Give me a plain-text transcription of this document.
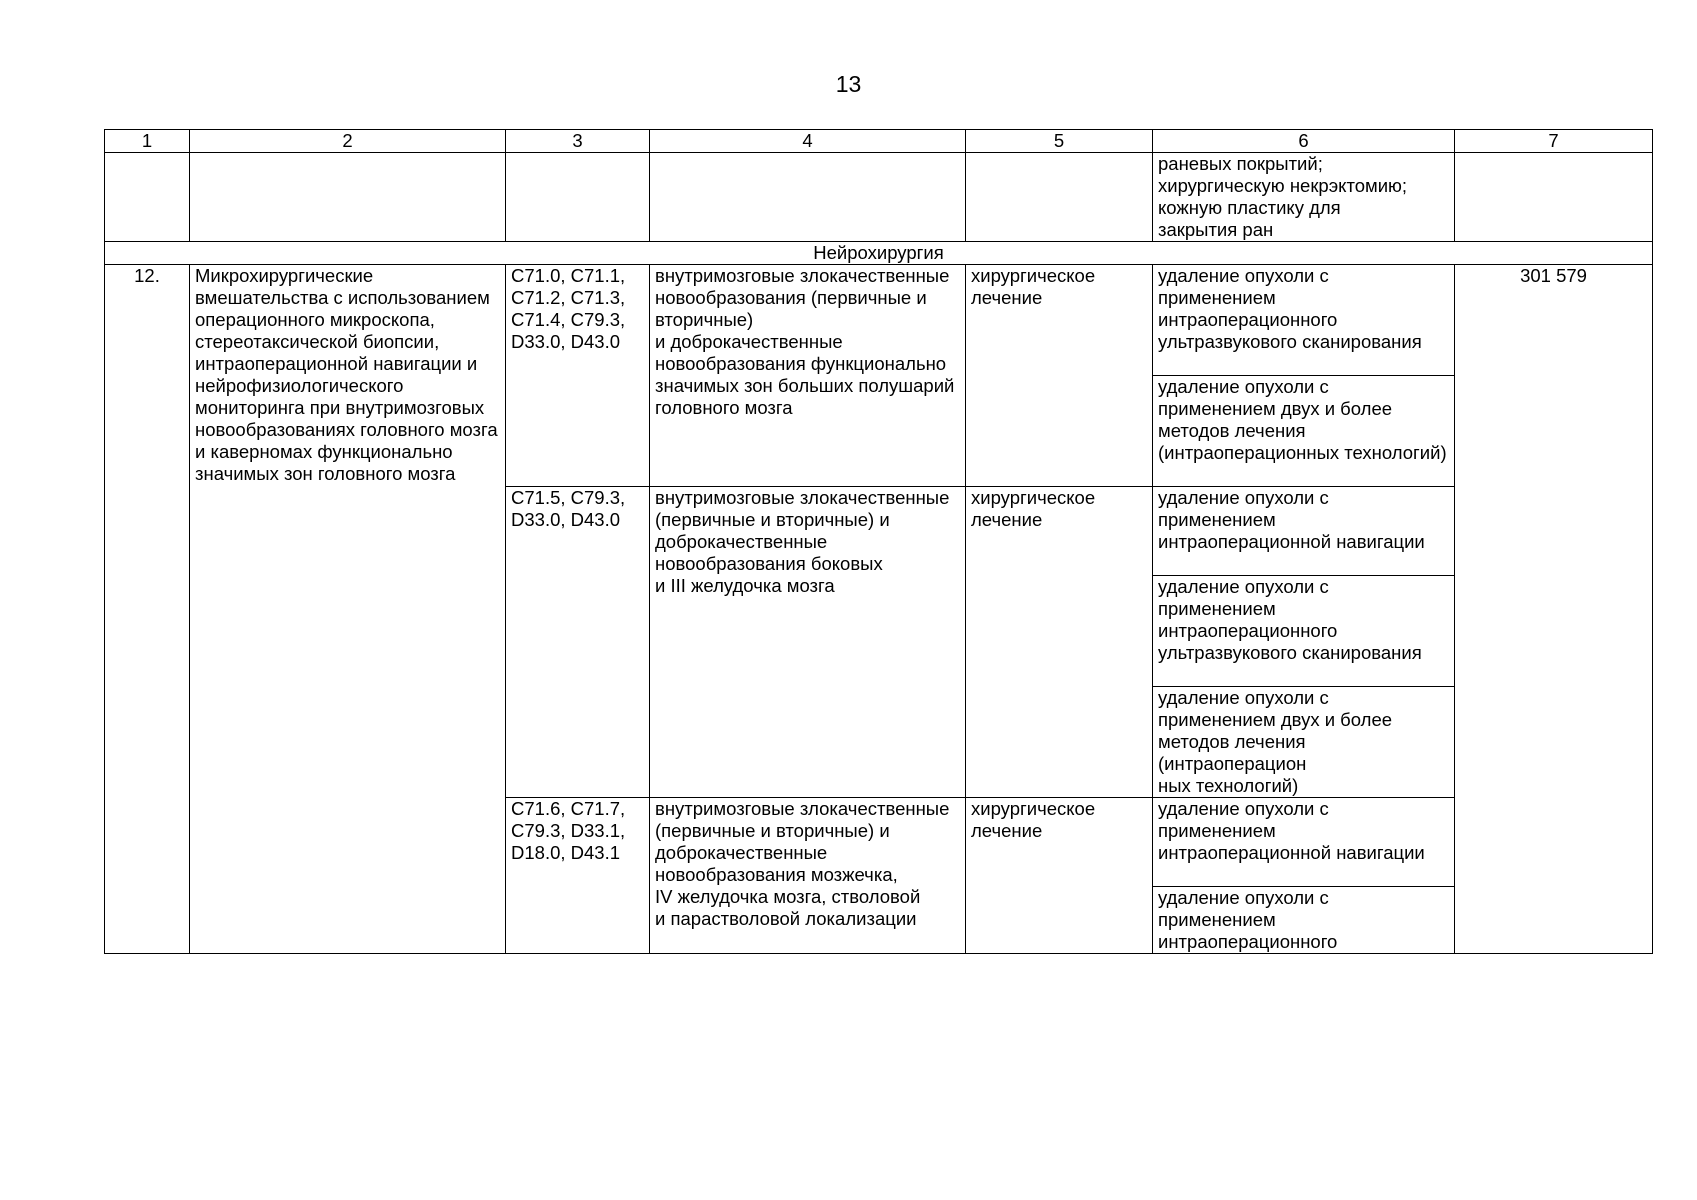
13
1	2	3	4	5	6	7
					раневых покрытий;
хирургическую некрэктомию;
кожную пластику для
закрытия ран	
Нейрохирургия						
12.	Микрохирургические вмешательства с использованием операционного микроскопа, стереотаксической биопсии, интраоперационной навигации и нейрофизиологического мониторинга при внутримозговых новообразованиях головного мозга и каверномах функционально значимых зон головного мозга	C71.0, C71.1, C71.2, C71.3, C71.4, C79.3, D33.0, D43.0	внутримозговые злокачественные новообразования (первичные и вторичные)
и доброкачественные новообразования функционально значимых зон больших полушарий головного мозга	хирургическое лечение	удаление опухоли с применением интраоперационного ультразвукового сканирования	301 579
					удаление опухоли с применением двух и более методов лечения (интраоперационных технологий)	
		C71.5, C79.3, D33.0, D43.0	внутримозговые злокачественные (первичные и вторичные) и доброкачественные новообразования боковых
и III желудочка мозга	хирургическое лечение	удаление опухоли с применением интраоперационной навигации	
					удаление опухоли с применением интраоперационного ультразвукового сканирования	
					удаление опухоли с применением двух и более методов лечения (интраоперацион
ных технологий)	
		C71.6, C71.7, C79.3, D33.1, D18.0, D43.1	внутримозговые злокачественные (первичные и вторичные) и доброкачественные новообразования мозжечка,
IV желудочка мозга, стволовой
и парастволовой локализации	хирургическое лечение	удаление опухоли с применением интраоперационной навигации	
					удаление опухоли с применением интраоперационного	
